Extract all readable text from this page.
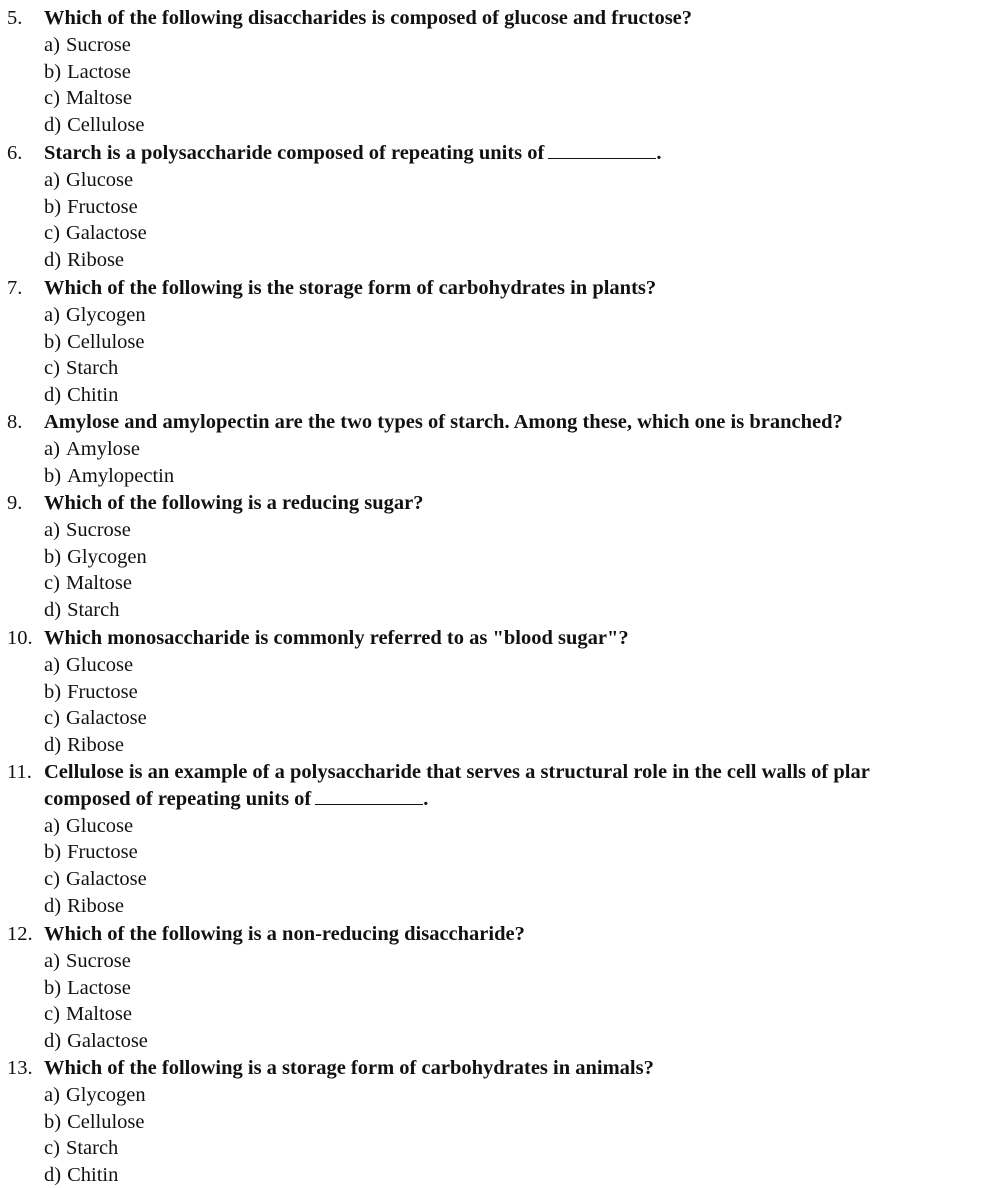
5.	Which of the following disaccharides is composed of glucose and fructose?
a) Sucrose
b) Lactose
c) Maltose
d) Cellulose
6.	Starch is a polysaccharide composed of repeating units of	.
a) Glucose
b) Fructose
c) Galactose
d) Ribose
7.	Which of the following is the storage form of carbohydrates in plants?
a) Glycogen
b) Cellulose
c) Starch
d) Chitin
8.	Amylose and amylopectin are the two types of starch. Among these, which one is branched?
a) Amylose
b) Amylopectin
9.	Which of the following is a reducing sugar?
a) Sucrose
b) Glycogen
c) Maltose
d) Starch
10. Which monosaccharide is commonly referred to as "blood sugar"?
a) Glucose
b) Fructose
c) Galactose
d) Ribose
11. Cellulose is an example of a polysaccharide that serves a structural role in the cell walls of plar
composed of repeating units of	.
a) Glucose
b) Fructose
c) Galactose
d) Ribose
12. Which of the following is a non-reducing disaccharide?
a) Sucrose
b) Lactose
c) Maltose
d) Galactose
13. Which of the following is a storage form of carbohydrates in animals?
a) Glycogen
b) Cellulose
c) Starch
d) Chitin
